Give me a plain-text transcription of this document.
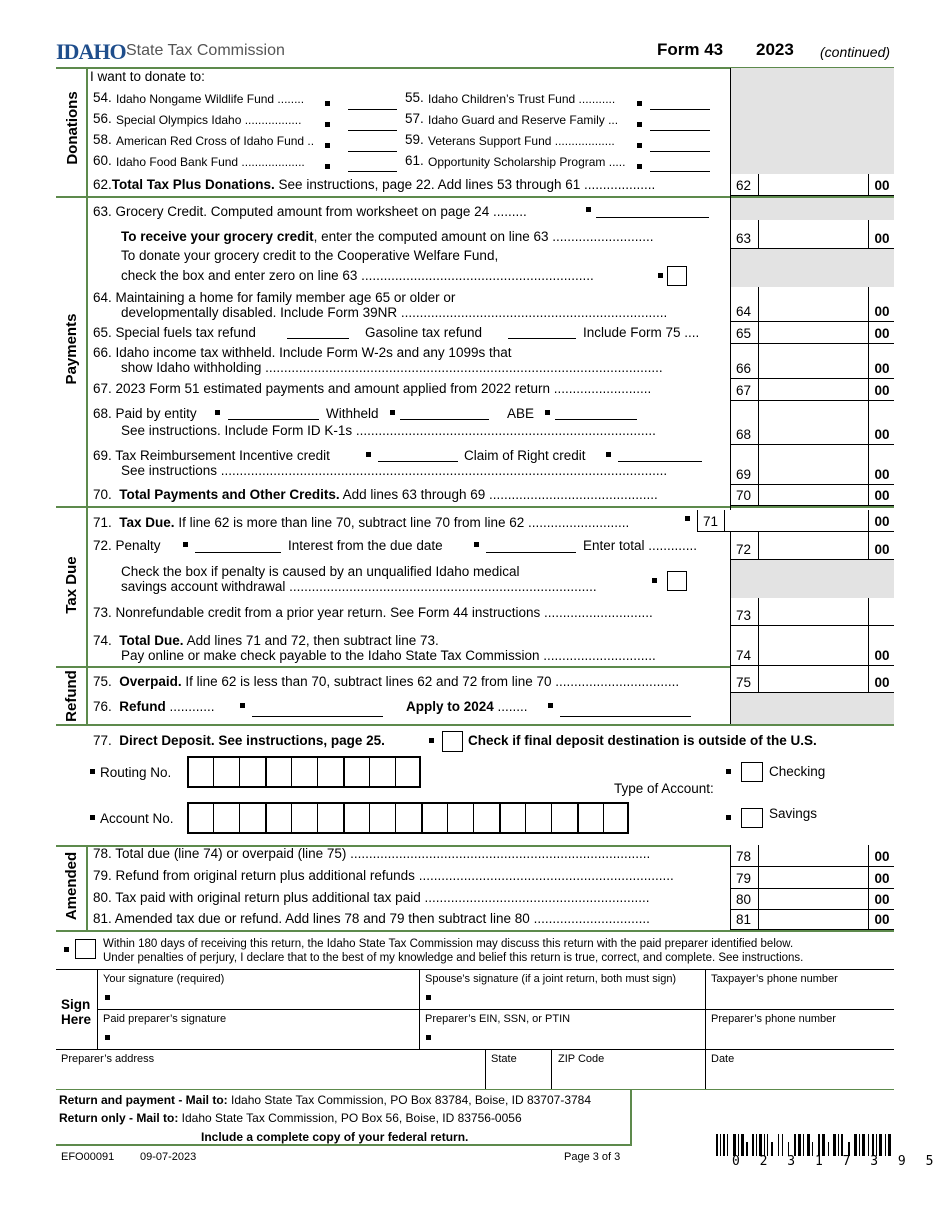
IDAHO State Tax Commission	Form 43 2023 (continued)
Donations
Payments
Tax Due
Refund
Amended
I want to donate to:
54. Idaho Nongame Wildlife Fund ........	55. Idaho Children’s Trust Fund ...........
56. Special Olympics Idaho .................	57. Idaho Guard and Reserve Family ...
58. American Red Cross of Idaho Fund ..	59. Veterans Support Fund ..................
60. Idaho Food Bank Fund ...................	61. Opportunity Scholarship Program .....
62.Total Tax Plus Donations. See instructions, page 22. Add lines 53 through 61 ...................
63. Grocery Credit. Computed amount from worksheet on page 24 .........
To receive your grocery credit, enter the computed amount on line 63 ...........................
To donate your grocery credit to the Cooperative Welfare Fund,
check the box and enter zero on line 63 ..............................................................
64. Maintaining a home for family member age 65 or older or
developmentally disabled. Include Form 39NR .......................................................................
65. Special fuels tax refund	Gasoline tax refund	Include Form 75 ....
66. Idaho income tax withheld. Include Form W-2s and any 1099s that
show Idaho withholding ..........................................................................................................
67. 2023 Form 51 estimated payments and amount applied from 2022 return ..........................
68. Paid by entity	Withheld	ABE
See instructions. Include Form ID K-1s ................................................................................
69. Tax Reimbursement Incentive credit	Claim of Right credit
See instructions .......................................................................................................................
70. Total Payments and Other Credits. Add lines 63 through 69 .............................................
71. Tax Due. If line 62 is more than line 70, subtract line 70 from line 62 ...........................
72. Penalty	Interest from the due date	Enter total .............
Check the box if penalty is caused by an unqualified Idaho medical
savings account withdrawal ..................................................................................
73. Nonrefundable credit from a prior year return. See Form 44 instructions .............................
74. Total Due. Add lines 71 and 72, then subtract line 73.
Pay online or make check payable to the Idaho State Tax Commission ..............................
75. Overpaid. If line 62 is less than 70, subtract lines 62 and 72 from line 70 .................................
76. Refund ............	Apply to 2024 ........
77. Direct Deposit. See instructions, page 25.	Check if final deposit destination is outside of the U.S.
Routing No.
Account No.
Type of Account:
Checking
Savings
78. Total due (line 74) or overpaid (line 75) ................................................................................
79. Refund from original return plus additional refunds ....................................................................
80. Tax paid with original return plus additional tax paid ............................................................
81. Amended tax due or refund. Add lines 78 and 79 then subtract line 80 ...............................
62	00
63	00
64	00
65	00
66	00
67	00
68	00
69	00
70	00
71	00
72	00
73
74	00
75	00
78	00
79	00
80	00
81	00
Within 180 days of receiving this return, the Idaho State Tax Commission may discuss this return with the paid preparer identified below.
Under penalties of perjury, I declare that to the best of my knowledge and belief this return is true, correct, and complete. See instructions.
Sign
Here
Your signature (required)	Spouse’s signature (if a joint return, both must sign)	Taxpayer’s phone number
Paid preparer’s signature	Preparer’s EIN, SSN, or PTIN	Preparer’s phone number
Preparer’s address	State	ZIP Code	Date
Return and payment - Mail to: Idaho State Tax Commission, PO Box 83784, Boise, ID 83707-3784
Return only - Mail to: Idaho State Tax Commission, PO Box 56, Boise, ID 83756-0056
Include a complete copy of your federal return.
EFO00091 09-07-2023	Page 3 of 3	0 2 3 1 7 3 9 5
